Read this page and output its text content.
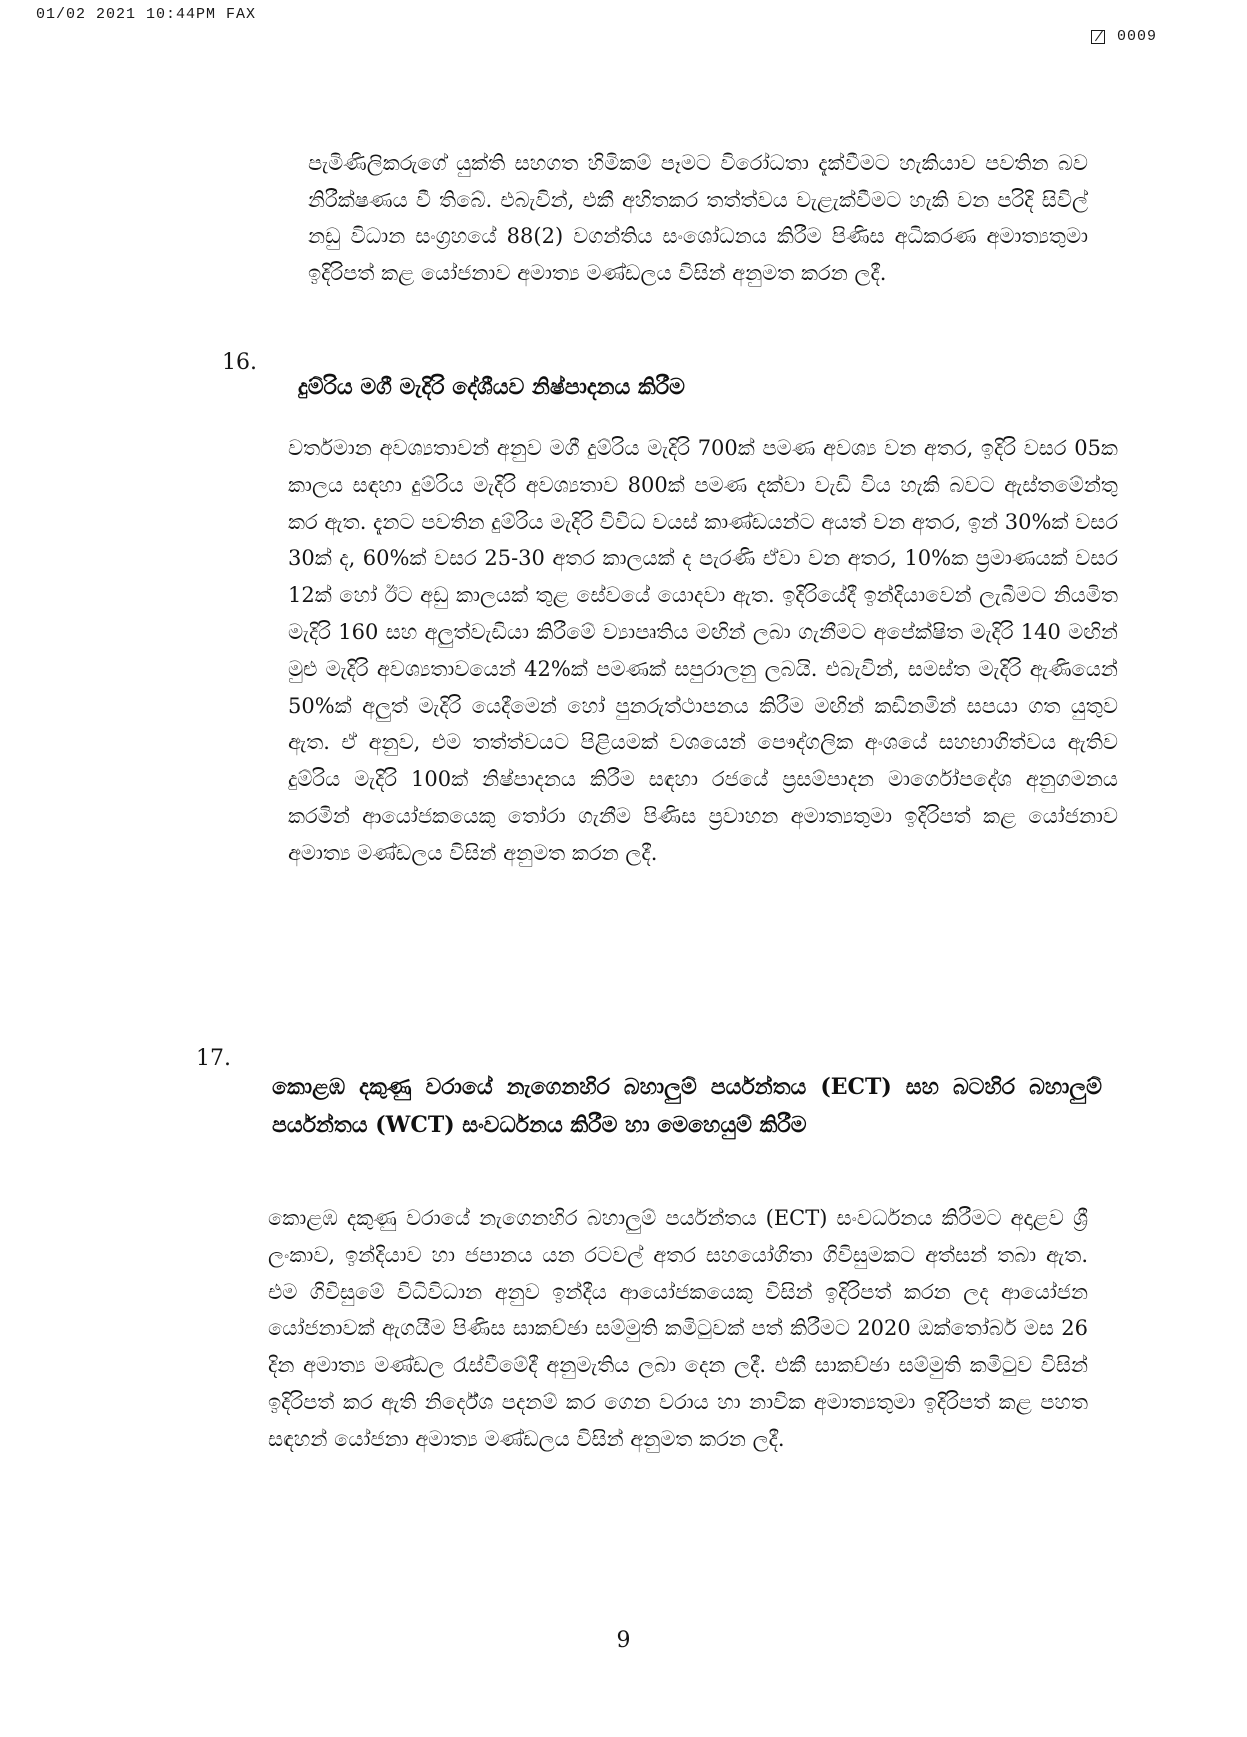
01/02 2021 10:44PM FAX
0009
පැමිණිලිකරුගේ යුක්ති සහගත හිමිකම් පෑමට විරෝධතා දැක්වීමට හැකියාව පවතින බව නිරීක්ෂණය වී තිබේ. එබැවින්, එකී අහිතකර තත්ත්වය වැළැක්වීමට හැකි වන පරිදි සිවිල් නඩු විධාන සංග්‍රහයේ 88(2) වගන්තිය සංශෝධනය කිරීම පිණිස අධිකරණ අමාත්‍යතුමා ඉදිරිපත් කළ යෝජනාව අමාත්‍ය මණ්ඩලය විසින් අනුමත කරන ලදී.
16.
දුම්රිය මගී මැදිරි දේශීයව නිෂ්පාදනය කිරීම
වර්තමාන අවශ්‍යතාවන් අනුව මගී දුම්රිය මැදිරි 700ක් පමණ අවශ්‍ය වන අතර, ඉදිරි වසර 05ක කාලය සඳහා දුම්රිය මැදිරි අවශ්‍යතාව 800ක් පමණ දක්වා වැඩි විය හැකි බවට ඇස්තමේන්තු කර ඇත. දැනට පවතින දුම්රිය මැදිරි විවිධ වයස් කාණ්ඩයන්ට අයත් වන අතර, ඉන් 30%ක් වසර 30ක් ද, 60%ක් වසර 25-30 අතර කාලයක් ද පැරණි ඒවා වන අතර, 10%ක ප්‍රමාණයක් වසර 12ක් හෝ ඊට අඩු කාලයක් තුළ සේවයේ යොදවා ඇත. ඉදිරියේදී ඉන්දියාවෙන් ලැබීමට නියමිත මැදිරි 160 සහ අලුත්වැඩියා කිරීමේ ව්‍යාපෘතිය මඟින් ලබා ගැනීමට අපේක්ෂිත මැදිරි 140 මඟින් මුළු මැදිරි අවශ්‍යතාවයෙන් 42%ක් පමණක් සපුරාලනු ලබයි. එබැවින්, සමස්ත මැදිරි ඇණියෙන් 50%ක් අලුත් මැදිරි යෙදීමෙන් හෝ පුනරුත්ථාපනය කිරීම මඟින් කඩිනමින් සපයා ගත යුතුව ඇත. ඒ අනුව, එම තත්ත්වයට පිළියමක් වශයෙන් පෞද්ගලික අංශයේ සහභාගිත්වය ඇතිව දුම්රිය මැදිරි 100ක් නිෂ්පාදනය කිරීම සඳහා රජයේ ප්‍රසම්පාදන මාර්ගෝපදේශ අනුගමනය කරමින් ආයෝජකයෙකු තෝරා ගැනීම පිණිස ප්‍රවාහන අමාත්‍යතුමා ඉදිරිපත් කළ යෝජනාව අමාත්‍ය මණ්ඩලය විසින් අනුමත කරන ලදී.
17.
කොළඹ දකුණු වරායේ නැගෙනහිර බහාලුම් පර්යන්තය (ECT) සහ බටහිර බහාලුම් පර්යන්තය (WCT) සංවර්ධනය කිරීම හා මෙහෙයුම් කිරීම
කොළඹ දකුණු වරායේ නැගෙනහිර බහාලුම් පර්යන්තය (ECT) සංවර්ධනය කිරීමට අදාළව ශ්‍රී ලංකාව, ඉන්දියාව හා ජපානය යන රටවල් අතර සහයෝගිතා ගිවිසුමකට අත්සන් තබා ඇත. එම ගිවිසුමේ විධිවිධාන අනුව ඉන්දීය ආයෝජකයෙකු විසින් ඉදිරිපත් කරන ලද ආයෝජන යෝජනාවක් ඇගයීම පිණිස සාකච්ඡා සම්මුති කමිටුවක් පත් කිරීමට 2020 ඔක්තෝබර් මස 26 දින අමාත්‍ය මණ්ඩල රැස්වීමේදී අනුමැතිය ලබා දෙන ලදී. එකී සාකච්ඡා සම්මුති කමිටුව විසින් ඉදිරිපත් කර ඇති නිර්දේශ පදනම් කර ගෙන වරාය හා නාවික අමාත්‍යතුමා ඉදිරිපත් කළ පහත සඳහන් යෝජනා අමාත්‍ය මණ්ඩලය විසින් අනුමත කරන ලදී.
9
